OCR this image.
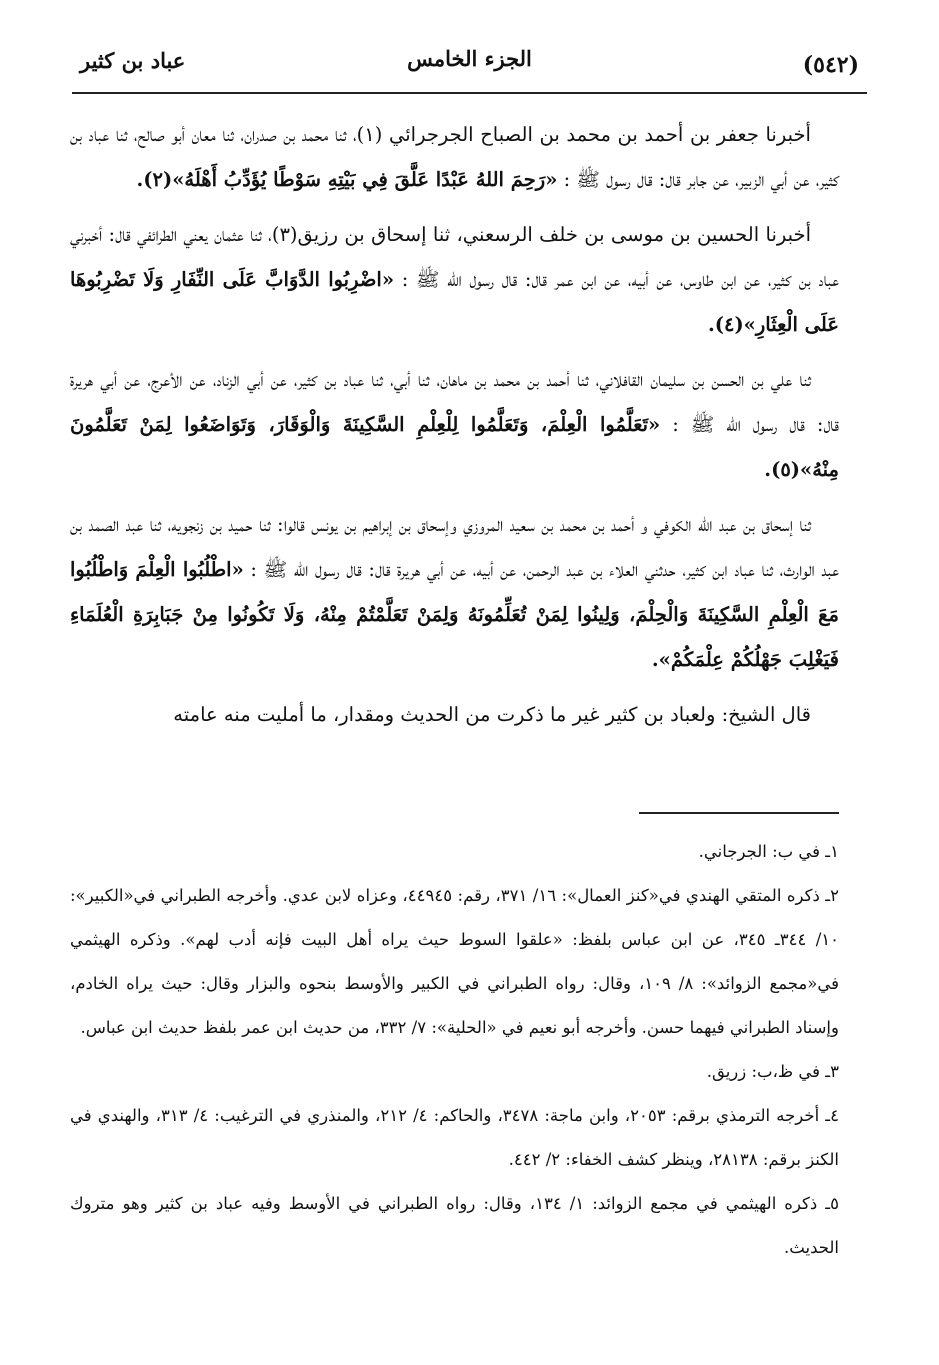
عباد بن كثير	الجزء الخامس	(٥٤٢)

أخبرنا جعفر بن أحمد بن محمد بن الصباح الجرجرائي (١)، ثنا محمد بن صدران، ثنا معان أبو صالح، ثنا عباد بن كثير، عن أبي الزبير، عن جابر قال: قال رسول ﷺ : «رَحِمَ اللهُ عَبْدًا عَلَّقَ فِي بَيْتِهِ سَوْطًا يُؤَدِّبُ أَهْلَهُ»(٢).

أخبرنا الحسين بن موسى بن خلف الرسعني، ثنا إسحاق بن رزيق(٣)، ثنا عثمان يعني الطرائفي قال: أخبرني عباد بن كثير، عن ابن طاوس، عن أبيه، عن ابن عمر قال: قال رسول الله ﷺ : «اضْرِبُوا الدَّوَابَّ عَلَى النِّفَارِ وَلَا تَضْرِبُوهَا عَلَى الْعِثَارِ»(٤).

ثنا علي بن الحسن بن سليمان القافلاني، ثنا أحمد بن محمد بن ماهان، ثنا أبي، ثنا عباد بن كثير، عن أبي الزناد، عن الأعرج، عن أبي هريرة قال: قال رسول الله ﷺ : «تَعَلَّمُوا الْعِلْمَ، وَتَعَلَّمُوا لِلْعِلْمِ السَّكِينَةَ وَالْوَقَارَ، وَتَوَاضَعُوا لِمَنْ تَعَلَّمُونَ مِنْهُ»(٥).

ثنا إسحاق بن عبد الله الكوفي و أحمد بن محمد بن سعيد المروزي وإسحاق بن إبراهيم بن يونس قالوا: ثنا حميد بن زنجويه، ثنا عبد الصمد بن عبد الوارث، ثنا عباد ابن كثير، حدثني العلاء بن عبد الرحمن، عن أبيه، عن أبي هريرة قال: قال رسول الله ﷺ : «اطْلُبُوا الْعِلْمَ وَاطْلُبُوا مَعَ الْعِلْمِ السَّكِينَةَ وَالْحِلْمَ، وَلِينُوا لِمَنْ تُعَلِّمُونَهُ وَلِمَنْ تَعَلَّمْتُمْ مِنْهُ، وَلَا تَكُونُوا مِنْ جَبَابِرَةِ الْعُلَمَاءِ فَيَغْلِبَ جَهْلُكُمْ عِلْمَكُمْ».

قال الشيخ: ولعباد بن كثير غير ما ذكرت من الحديث ومقدار، ما أمليت منه عامته

١ـ في ب: الجرجاني.

٢ـ ذكره المتقي الهندي في«كنز العمال»: ١٦/ ٣٧١، رقم: ٤٤٩٤٥، وعزاه لابن عدي. وأخرجه الطبراني في«الكبير»: ١٠/ ٣٤٤ـ ٣٤٥، عن ابن عباس بلفظ: «علقوا السوط حيث يراه أهل البيت فإنه أدب لهم». وذكره الهيثمي في«مجمع الزوائد»: ٨/ ١٠٩، وقال: رواه الطبراني في الكبير والأوسط بنحوه والبزار وقال: حيث يراه الخادم، وإسناد الطبراني فيهما حسن. وأخرجه أبو نعيم في «الحلية»: ٧/ ٣٣٢، من حديث ابن عمر بلفظ حديث ابن عباس.

٣ـ في ظ،ب: زريق.

٤ـ أخرجه الترمذي برقم: ٢٠٥٣، وابن ماجة: ٣٤٧٨، والحاكم: ٤/ ٢١٢، والمنذري في الترغيب: ٤/ ٣١٣، والهندي في الكنز برقم: ٢٨١٣٨، وينظر كشف الخفاء: ٢/ ٤٤٢.

٥ـ ذكره الهيثمي في مجمع الزوائد: ١/ ١٣٤، وقال: رواه الطبراني في الأوسط وفيه عباد بن كثير وهو متروك الحديث.
